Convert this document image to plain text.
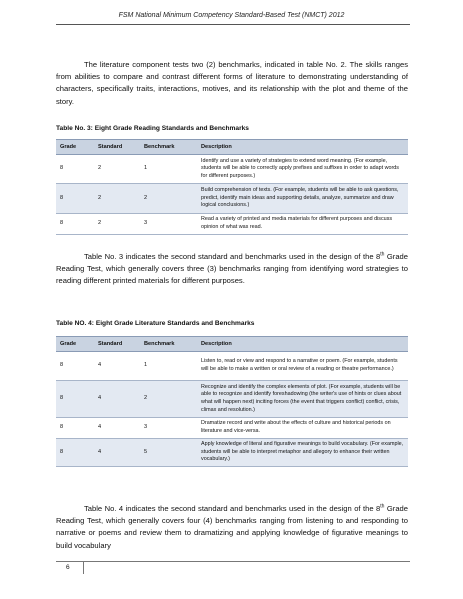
FSM National Minimum Competency Standard-Based Test (NMCT) 2012

The literature component tests two (2) benchmarks, indicated in table No. 2. The skills ranges from abilities to compare and contrast different forms of literature to demonstrating understanding of characters, specifically traits, interactions, motives, and its relationship with the plot and theme of the story.

Table No. 3: Eight Grade Reading Standards and Benchmarks
Grade	Standard	Benchmark	Description
8	2	1	Identify and use a variety of strategies to extend word meaning. (For example, students will be able to correctly apply prefixes and suffixes in order to adapt words for different purposes.)
8	2	2	Build comprehension of texts. (For example, students will be able to ask questions, predict, identify main ideas and supporting details, analyze, summarize and draw logical conclusions.)
8	2	3	Read a variety of printed and media materials for different purposes and discuss opinion of what was read.

Table No. 3 indicates the second standard and benchmarks used in the design of the 8th Grade Reading Test, which generally covers three (3) benchmarks ranging from identifying word strategies to reading different printed materials for different purposes.

Table NO. 4: Eight Grade Literature Standards and Benchmarks
Grade	Standard	Benchmark	Description
8	4	1	Listen to, read or view and respond to a narrative or poem. (For example, students will be able to make a written or oral review of a reading or theatre performance.)
8	4	2	Recognize and identify the complex elements of plot. (For example, students will be able to recognize and identify foreshadowing (the writer's use of hints or clues about what will happen next) inciting forces (the event that triggers conflict) conflict, crisis, climax and resolution.)
8	4	3	Dramatize record and write about the effects of culture and historical periods on literature and vice-versa.
8	4	5	Apply knowledge of literal and figurative meanings to build vocabulary. (For example, students will be able to interpret metaphor and allegory to enhance their written vocabulary.)

Table No. 4 indicates the second standard and benchmarks used in the design of the 8th Grade Reading Test, which generally covers four (4) benchmarks ranging from listening to and responding to narrative or poems and review them to dramatizing and applying knowledge of figurative meanings to build vocabulary

6
